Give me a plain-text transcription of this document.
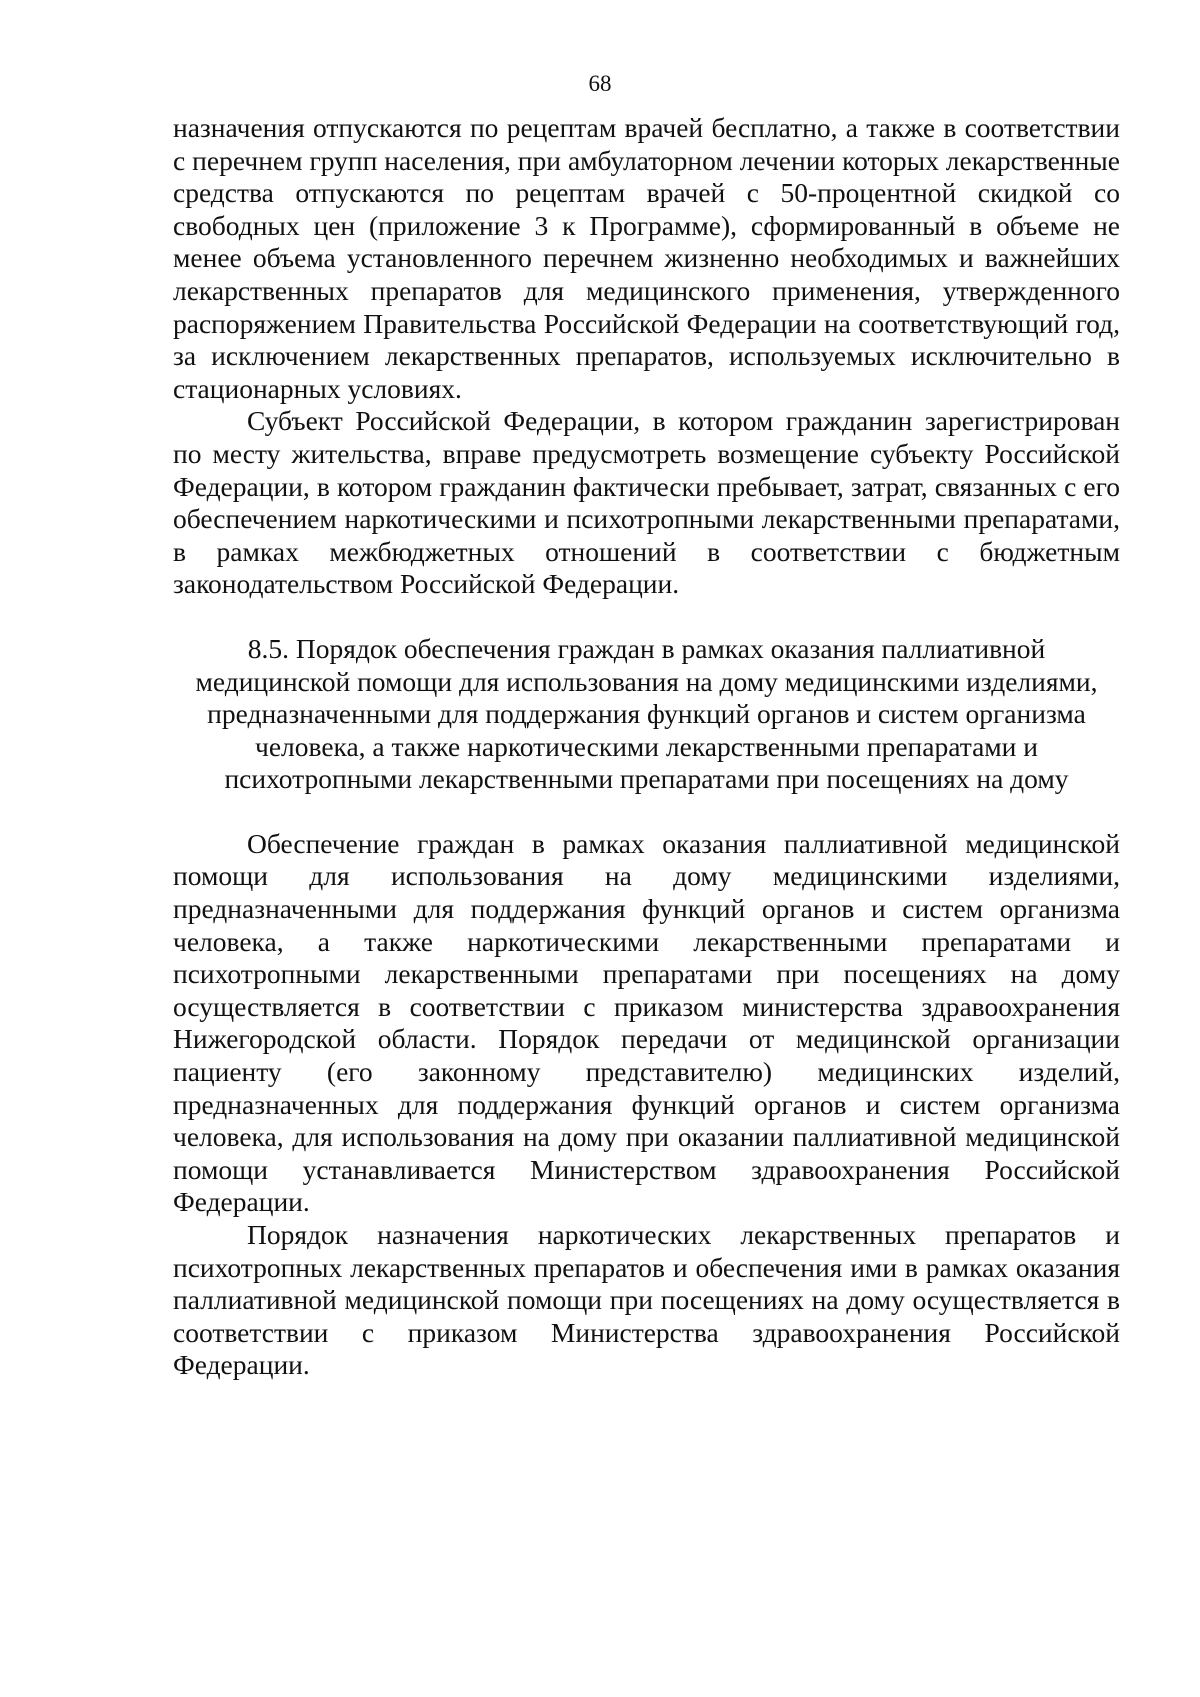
68

назначения отпускаются по рецептам врачей бесплатно, а также в соответствии с перечнем групп населения, при амбулаторном лечении которых лекарственные средства отпускаются по рецептам врачей с 50-процентной скидкой со свободных цен (приложение 3 к Программе), сформированный в объеме не менее объема установленного перечнем жизненно необходимых и важнейших лекарственных препаратов для медицинского применения, утвержденного распоряжением Правительства Российской Федерации на соответствующий год, за исключением лекарственных препаратов, используемых исключительно в стационарных условиях.

Субъект Российской Федерации, в котором гражданин зарегистрирован по месту жительства, вправе предусмотреть возмещение субъекту Российской Федерации, в котором гражданин фактически пребывает, затрат, связанных с его обеспечением наркотическими и психотропными лекарственными препаратами, в рамках межбюджетных отношений в соответствии с бюджетным законодательством Российской Федерации.

8.5. Порядок обеспечения граждан в рамках оказания паллиативной
медицинской помощи для использования на дому медицинскими изделиями,
предназначенными для поддержания функций органов и систем организма
человека, а также наркотическими лекарственными препаратами и
психотропными лекарственными препаратами при посещениях на дому

Обеспечение граждан в рамках оказания паллиативной медицинской помощи для использования на дому медицинскими изделиями, предназначенными для поддержания функций органов и систем организма человека, а также наркотическими лекарственными препаратами и психотропными лекарственными препаратами при посещениях на дому осуществляется в соответствии с приказом министерства здравоохранения Нижегородской области. Порядок передачи от медицинской организации пациенту (его законному представителю) медицинских изделий, предназначенных для поддержания функций органов и систем организма человека, для использования на дому при оказании паллиативной медицинской помощи устанавливается Министерством здравоохранения Российской Федерации.

Порядок назначения наркотических лекарственных препаратов и психотропных лекарственных препаратов и обеспечения ими в рамках оказания паллиативной медицинской помощи при посещениях на дому осуществляется в соответствии с приказом Министерства здравоохранения Российской Федерации.
